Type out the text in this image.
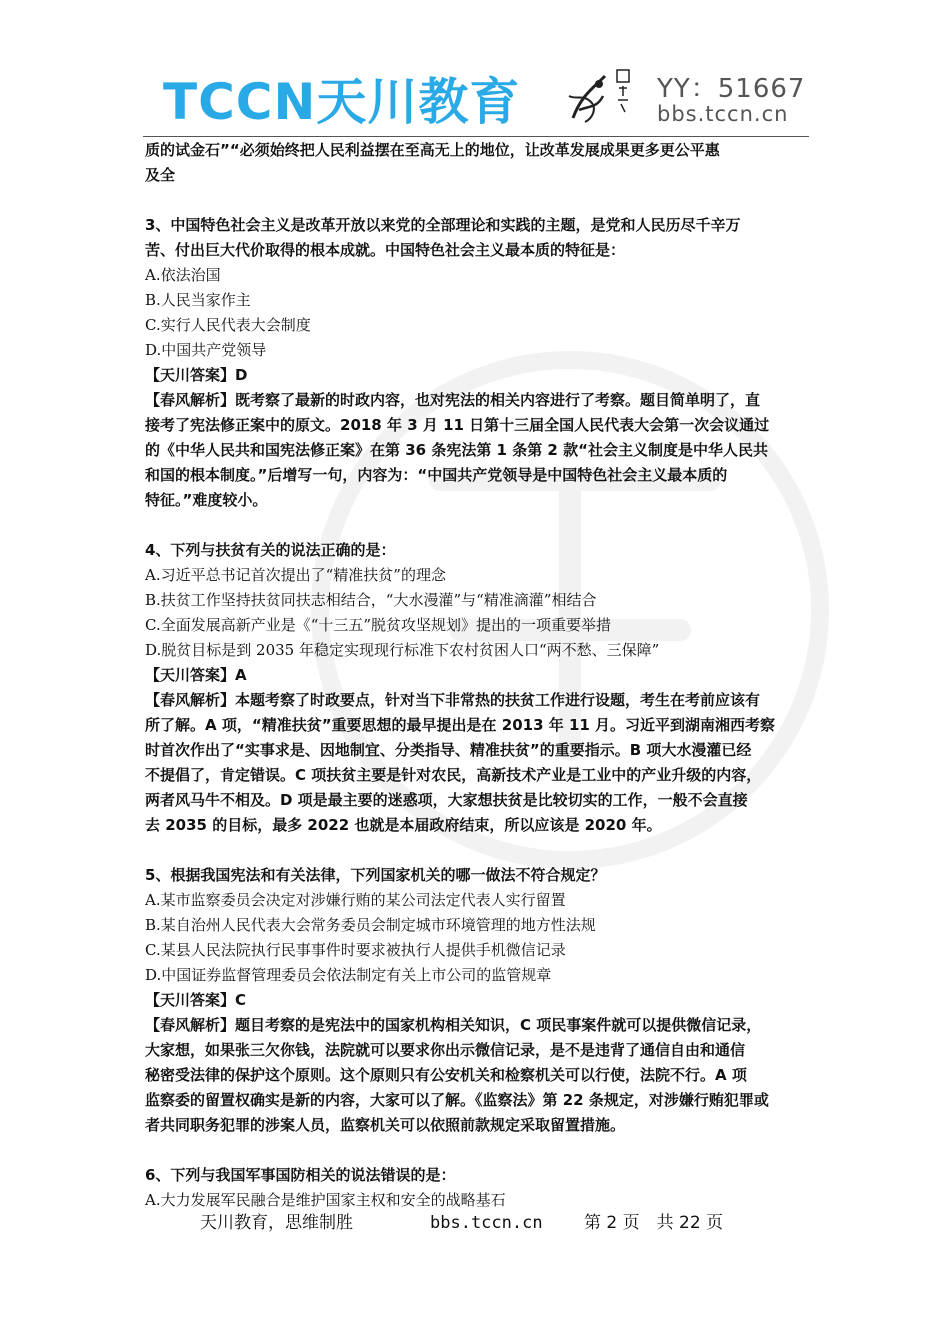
TCCN天川教育	YY：51667
bbs.tccn.cn

质的试金石”“必须始终把人民利益摆在至高无上的地位，让改革发展成果更多更公平惠

及全

3、中国特色社会主义是改革开放以来党的全部理论和实践的主题，是党和人民历尽千辛万

苦、付出巨大代价取得的根本成就。中国特色社会主义最本质的特征是：

A.依法治国

B.人民当家作主

C.实行人民代表大会制度

D.中国共产党领导

【天川答案】D

【春风解析】既考察了最新的时政内容，也对宪法的相关内容进行了考察。题目简单明了，直

接考了宪法修正案中的原文。2018 年 3 月 11 日第十三届全国人民代表大会第一次会议通过

的《中华人民共和国宪法修正案》在第 36 条宪法第 1 条第 2 款“社会主义制度是中华人民共

和国的根本制度。”后增写一句，内容为：“中国共产党领导是中国特色社会主义最本质的

特征。”难度较小。

4、下列与扶贫有关的说法正确的是：

A.习近平总书记首次提出了“精准扶贫”的理念

B.扶贫工作坚持扶贫同扶志相结合，“大水漫灌”与“精准滴灌”相结合

C.全面发展高新产业是《“十三五”脱贫攻坚规划》提出的一项重要举措

D.脱贫目标是到 2035 年稳定实现现行标准下农村贫困人口“两不愁、三保障”

【天川答案】A

【春风解析】本题考察了时政要点，针对当下非常热的扶贫工作进行设题，考生在考前应该有

所了解。A 项，“精准扶贫”重要思想的最早提出是在 2013 年 11 月。习近平到湖南湘西考察

时首次作出了“实事求是、因地制宜、分类指导、精准扶贫”的重要指示。B 项大水漫灌已经

不提倡了，肯定错误。C 项扶贫主要是针对农民，高新技术产业是工业中的产业升级的内容，

两者风马牛不相及。D 项是最主要的迷惑项，大家想扶贫是比较切实的工作，一般不会直接

去 2035 的目标，最多 2022 也就是本届政府结束，所以应该是 2020 年。

5、根据我国宪法和有关法律，下列国家机关的哪一做法不符合规定？

A.某市监察委员会决定对涉嫌行贿的某公司法定代表人实行留置

B.某自治州人民代表大会常务委员会制定城市环境管理的地方性法规

C.某县人民法院执行民事事件时要求被执行人提供手机微信记录

D.中国证券监督管理委员会依法制定有关上市公司的监管规章

【天川答案】C

【春风解析】题目考察的是宪法中的国家机构相关知识，C 项民事案件就可以提供微信记录，

大家想，如果张三欠你钱，法院就可以要求你出示微信记录，是不是违背了通信自由和通信

秘密受法律的保护这个原则。这个原则只有公安机关和检察机关可以行使，法院不行。A 项

监察委的留置权确实是新的内容，大家可以了解。《监察法》第 22 条规定，对涉嫌行贿犯罪或

者共同职务犯罪的涉案人员，监察机关可以依照前款规定采取留置措施。

6、下列与我国军事国防相关的说法错误的是：

A.大力发展军民融合是维护国家主权和安全的战略基石

天川教育，思维制胜	bbs.tccn.cn 第 2 页　共 22 页
